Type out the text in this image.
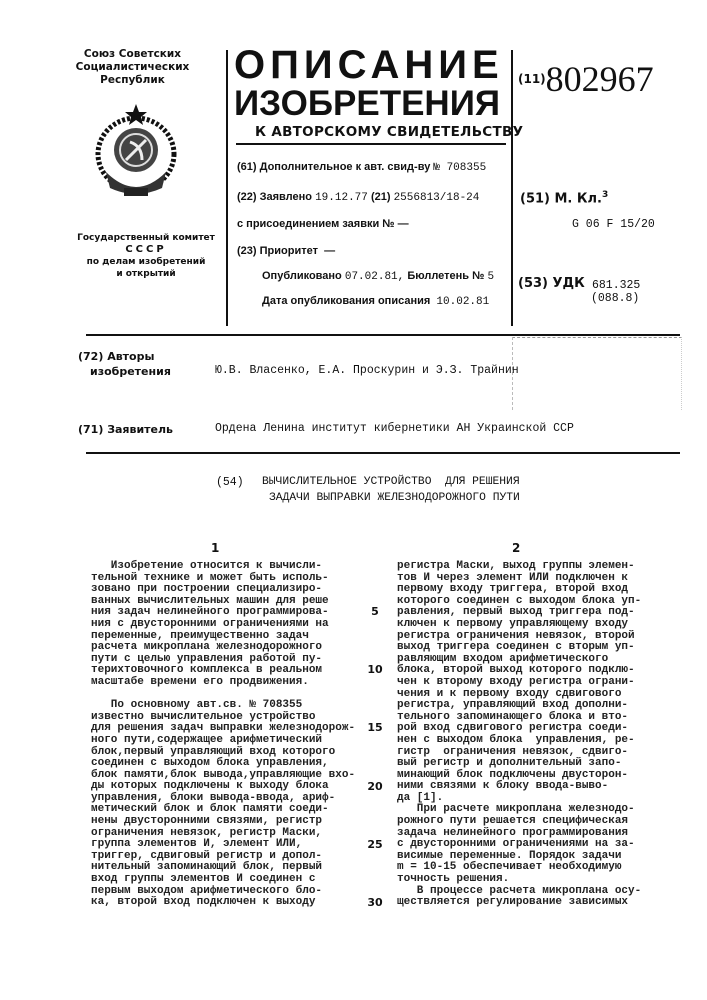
Союз Советских
Социалистических
Республик
Государственный комитет
СССР
по делам изобретений
и открытий
ОПИСАНИЕ
ИЗОБРЕТЕНИЯ
К АВТОРСКОМУ СВИДЕТЕЛЬСТВУ
(11)802967
(61) Дополнительное к авт. свид-ву № 708355
(22) Заявлено 19.12.77 (21) 2556813/18-24
с присоединением заявки № —
(23) Приоритет —
Опубликовано 07.02.81, Бюллетень № 5
Дата опубликования описания 10.02.81
(51) М. Кл.3
G 06 F 15/20
(53) УДК 681.325
(088.8)
(72) Авторы
изобретения	Ю.В. Власенко, Е.А. Проскурин и Э.З. Трайнин
(71) Заявитель	Ордена Ленина институт кибернетики АН Украинской ССР
(54) ВЫЧИСЛИТЕЛЬНОЕ УСТРОЙСТВО  ДЛЯ РЕШЕНИЯ
ЗАДАЧИ ВЫПРАВКИ ЖЕЛЕЗНОДОРОЖНОГО ПУТИ
1	2
Изобретение относится к вычисли-
тельной технике и может быть исполь-
зовано при построении специализиро-
ванных вычислительных машин для реше
ния задач нелинейного программирова-
ния с двусторонними ограничениями на
переменные, преимущественно задач
расчета микроплана железнодорожного
пути с целью управления работой пу-
терихтовочного комплекса в реальном
масштабе времени его продвижения.

По основному авт.св. № 708355
известно вычислительное устройство
для решения задач выправки железнодорож-
ного пути,содержащее арифметический
блок,первый управляющий вход которого
соединен с выходом блока управления,
блок памяти,блок вывода,управляющие вхо-
ды которых подключены к выходу блока
управления, блоки вывода-ввода, ариф-
метический блок и блок памяти соеди-
нены двусторонними связями, регистр
ограничения невязок, регистр Маски,
группа элементов И, элемент ИЛИ,
триггер, сдвиговый регистр и допол-
нительный запоминающий блок, первый
вход группы элементов И соединен с
первым выходом арифметического бло-
ка, второй вход подключен к выходу
регистра Маски, выход группы элемен-
тов И через элемент ИЛИ подключен к
первому входу триггера, второй вход
которого соединен с выходом блока уп-
равления, первый выход триггера под-
ключен к первому управляющему входу
регистра ограничения невязок, второй
выход триггера соединен с вторым уп-
равляющим входом арифметического
блока, второй выход которого подклю-
чен к второму входу регистра ограни-
чения и к первому входу сдвигового
регистра, управляющий вход дополни-
тельного запоминающего блока и вто-
рой вход сдвигового регистра соеди-
нен с выходом блока  управления, ре-
гистр  ограничения невязок, сдвиго-
вый регистр и дополнительный запо-
минающий блок подключены двусторон-
ними связями к блоку ввода-выво-
да [1].
При расчете микроплана железнодо-
рожного пути решается специфическая
задача нелинейного программирования
с двусторонними ограничениями на за-
висимые переменные. Порядок задачи
m = 10-15 обеспечивает необходимую
точность решения.
В процессе расчета микроплана осу-
ществляется регулирование зависимых
5
10
15
20
25
30
